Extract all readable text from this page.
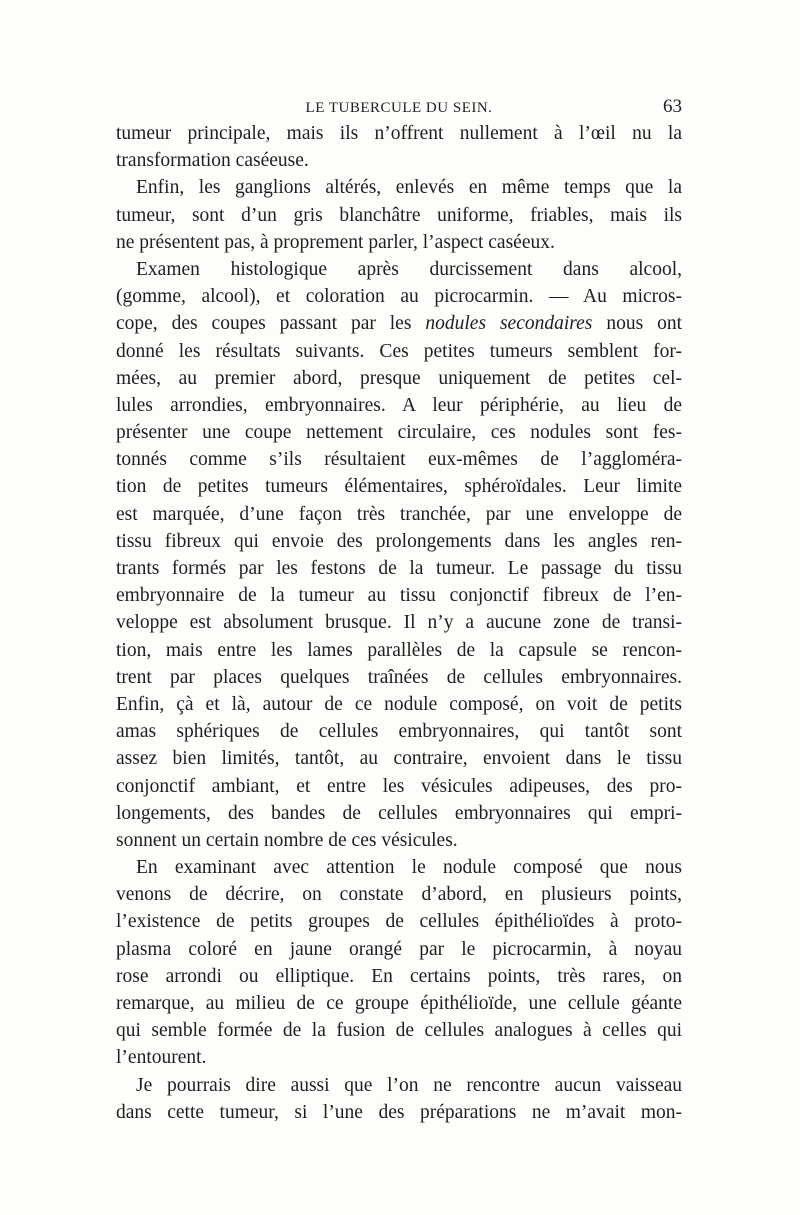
LE TUBERCULE DU SEIN.	63
tumeur principale, mais ils n’offrent nullement à l’œil nu la
transformation caséeuse.
Enfin, les ganglions altérés, enlevés en même temps que la
tumeur, sont d’un gris blanchâtre uniforme, friables, mais ils
ne présentent pas, à proprement parler, l’aspect caséeux.
Examen histologique après durcissement dans alcool,
(gomme, alcool), et coloration au picrocarmin. — Au micros-
cope, des coupes passant par les nodules secondaires nous ont
donné les résultats suivants. Ces petites tumeurs semblent for-
mées, au premier abord, presque uniquement de petites cel-
lules arrondies, embryonnaires. A leur périphérie, au lieu de
présenter une coupe nettement circulaire, ces nodules sont fes-
tonnés comme s’ils résultaient eux-mêmes de l’aggloméra-
tion de petites tumeurs élémentaires, sphéroïdales. Leur limite
est marquée, d’une façon très tranchée, par une enveloppe de
tissu fibreux qui envoie des prolongements dans les angles ren-
trants formés par les festons de la tumeur. Le passage du tissu
embryonnaire de la tumeur au tissu conjonctif fibreux de l’en-
veloppe est absolument brusque. Il n’y a aucune zone de transi-
tion, mais entre les lames parallèles de la capsule se rencon-
trent par places quelques traînées de cellules embryonnaires.
Enfin, çà et là, autour de ce nodule composé, on voit de petits
amas sphériques de cellules embryonnaires, qui tantôt sont
assez bien limités, tantôt, au contraire, envoient dans le tissu
conjonctif ambiant, et entre les vésicules adipeuses, des pro-
longements, des bandes de cellules embryonnaires qui empri-
sonnent un certain nombre de ces vésicules.
En examinant avec attention le nodule composé que nous
venons de décrire, on constate d’abord, en plusieurs points,
l’existence de petits groupes de cellules épithélioïdes à proto-
plasma coloré en jaune orangé par le picrocarmin, à noyau
rose arrondi ou elliptique. En certains points, très rares, on
remarque, au milieu de ce groupe épithélioïde, une cellule géante
qui semble formée de la fusion de cellules analogues à celles qui
l’entourent.
Je pourrais dire aussi que l’on ne rencontre aucun vaisseau
dans cette tumeur, si l’une des préparations ne m’avait mon-
